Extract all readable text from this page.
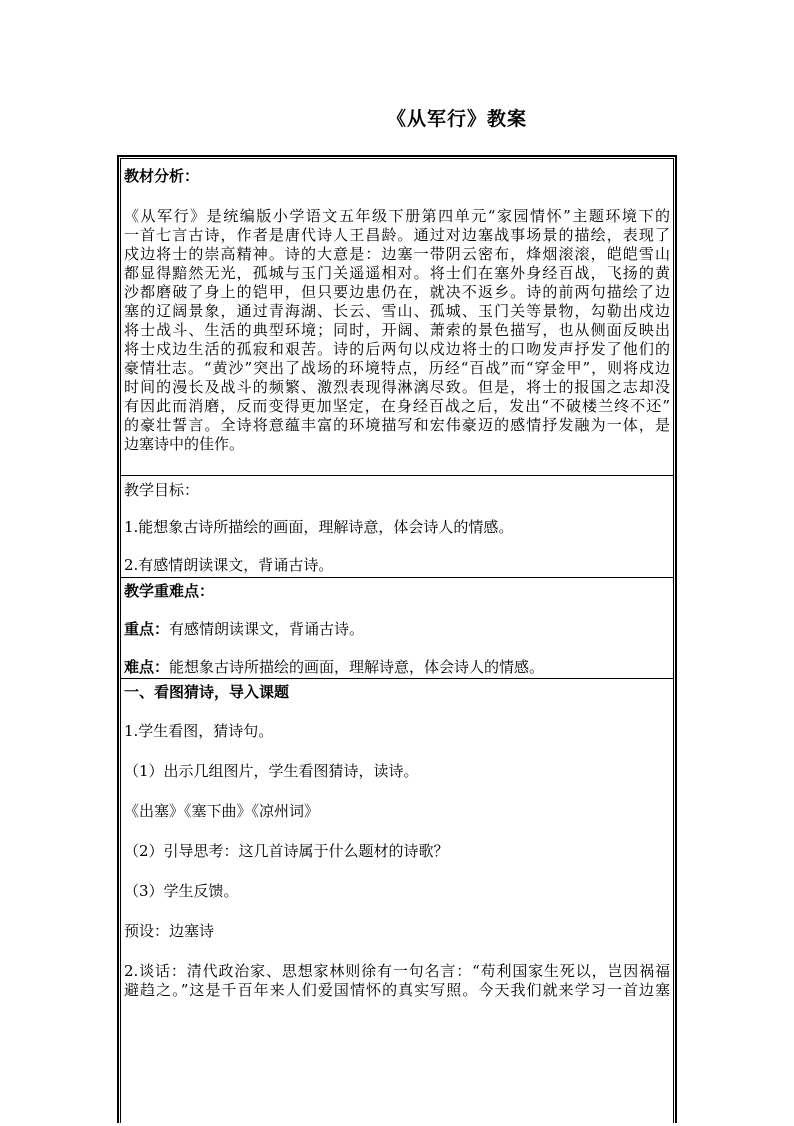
《从军行》教案
教材分析：
《从军行》是统编版小学语文五年级下册第四单元“家园情怀”主题环境下的
一首七言古诗，作者是唐代诗人王昌龄。通过对边塞战事场景的描绘，表现了
戍边将士的崇高精神。诗的大意是：边塞一带阴云密布，烽烟滚滚，皑皑雪山
都显得黯然无光，孤城与玉门关遥遥相对。将士们在塞外身经百战，飞扬的黄
沙都磨破了身上的铠甲，但只要边患仍在，就决不返乡。诗的前两句描绘了边
塞的辽阔景象，通过青海湖、长云、雪山、孤城、玉门关等景物，勾勒出戍边
将士战斗、生活的典型环境；同时，开阔、萧索的景色描写，也从侧面反映出
将士戍边生活的孤寂和艰苦。诗的后两句以戍边将士的口吻发声抒发了他们的
豪情壮志。“黄沙”突出了战场的环境特点，历经“百战”而“穿金甲”，则将戍边
时间的漫长及战斗的频繁、激烈表现得淋漓尽致。但是，将士的报国之志却没
有因此而消磨，反而变得更加坚定，在身经百战之后，发出“不破楼兰终不还”
的豪壮誓言。全诗将意蕴丰富的环境描写和宏伟豪迈的感情抒发融为一体，是
边塞诗中的佳作。
教学目标：
1.能想象古诗所描绘的画面，理解诗意，体会诗人的情感。
2.有感情朗读课文，背诵古诗。
教学重难点：
重点：有感情朗读课文，背诵古诗。
难点：能想象古诗所描绘的画面，理解诗意，体会诗人的情感。
一、看图猜诗，导入课题
1.学生看图，猜诗句。
（1）出示几组图片，学生看图猜诗，读诗。
《出塞》《塞下曲》《凉州词》
（2）引导思考：这几首诗属于什么题材的诗歌？
（3）学生反馈。
预设：边塞诗
2.谈话：清代政治家、思想家林则徐有一句名言：“苟利国家生死以，岂因祸福
避趋之。”这是千百年来人们爱国情怀的真实写照。今天我们就来学习一首边塞
